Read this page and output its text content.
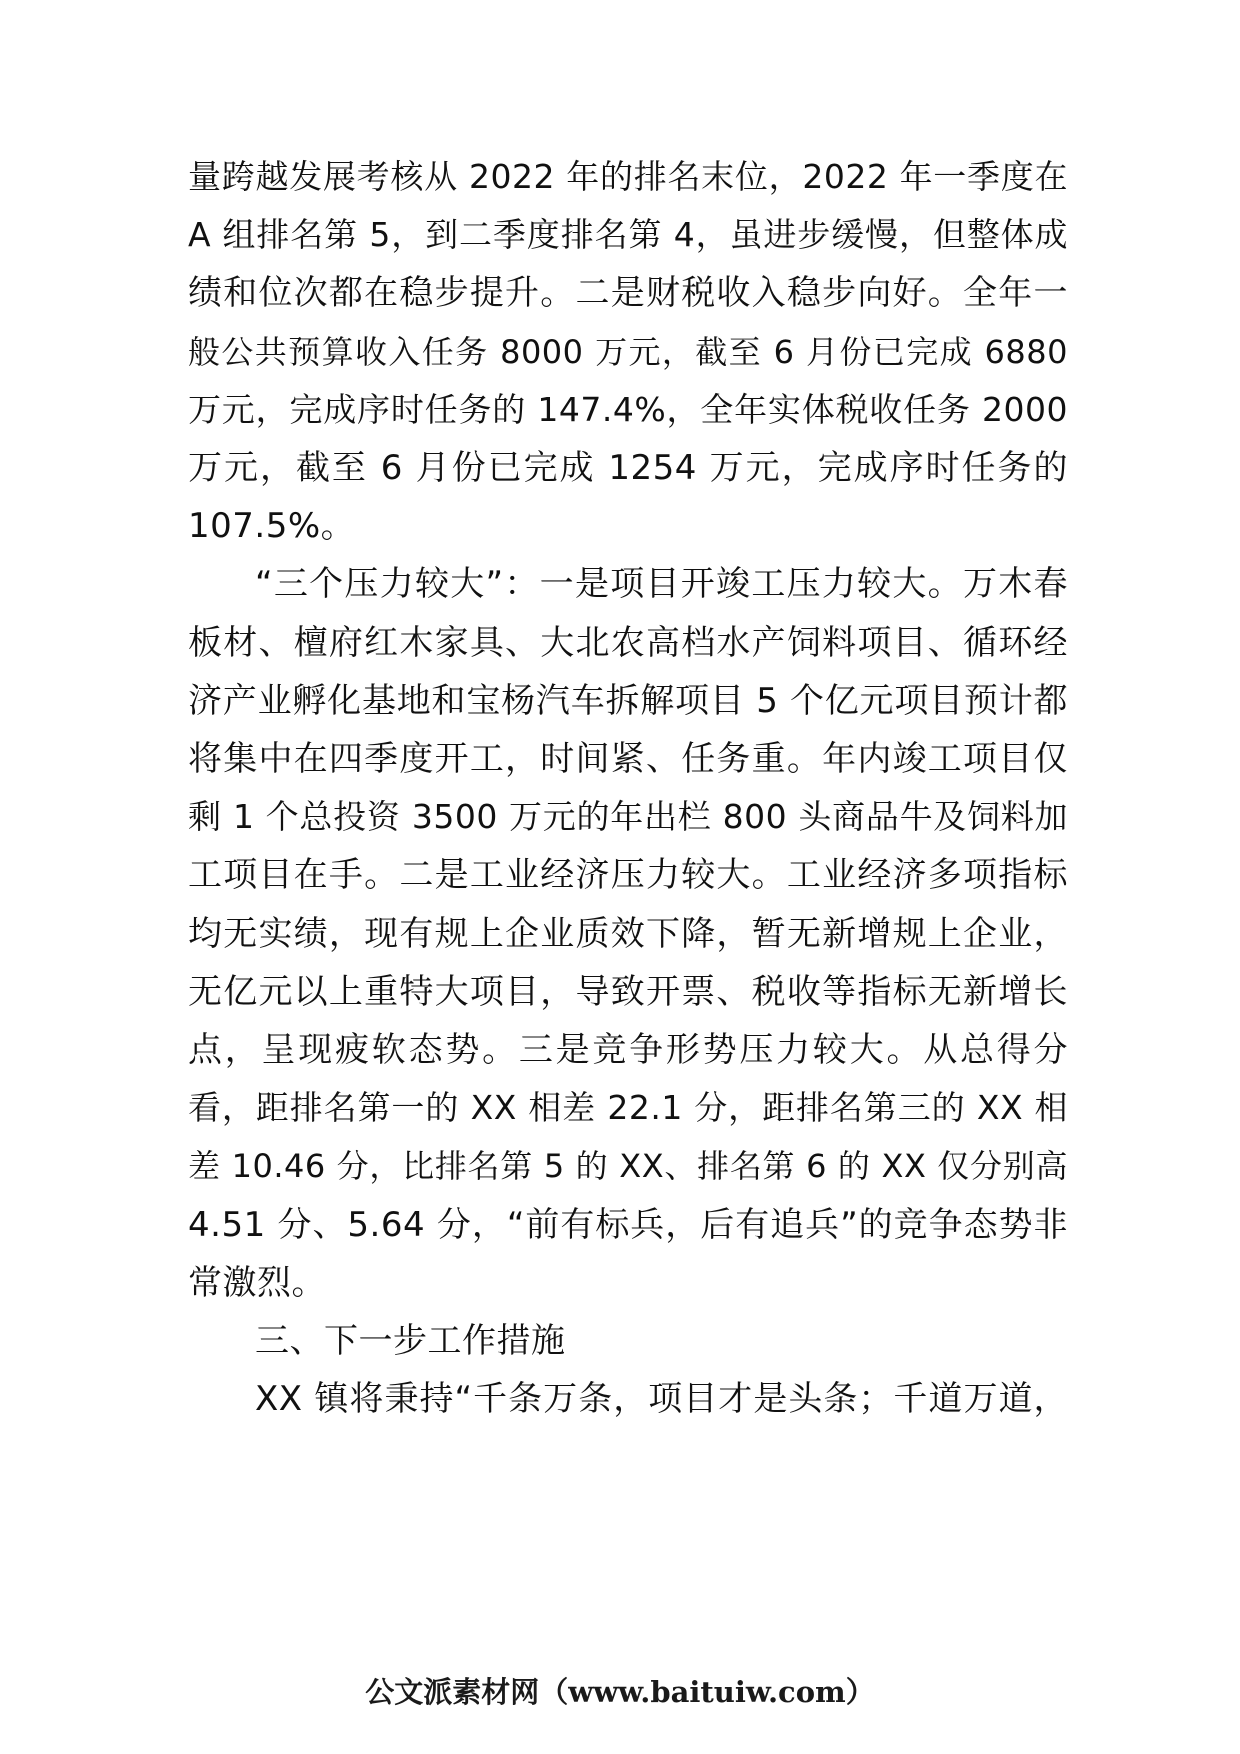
量跨越发展考核从 2022 年的排名末位，2022 年一季度在
A 组排名第 5，到二季度排名第 4，虽进步缓慢，但整体成
绩和位次都在稳步提升。二是财税收入稳步向好。全年一
般公共预算收入任务 8000 万元，截至 6 月份已完成 6880
万元，完成序时任务的 147.4%，全年实体税收任务 2000
万元，截至 6 月份已完成 1254 万元，完成序时任务的
107.5%。
“三个压力较大”：一是项目开竣工压力较大。万木春
板材、檀府红木家具、大北农高档水产饲料项目、循环经
济产业孵化基地和宝杨汽车拆解项目 5 个亿元项目预计都
将集中在四季度开工，时间紧、任务重。年内竣工项目仅
剩 1 个总投资 3500 万元的年出栏 800 头商品牛及饲料加
工项目在手。二是工业经济压力较大。工业经济多项指标
均无实绩，现有规上企业质效下降，暂无新增规上企业，
无亿元以上重特大项目，导致开票、税收等指标无新增长
点，呈现疲软态势。三是竞争形势压力较大。从总得分
看，距排名第一的 XX 相差 22.1 分，距排名第三的 XX 相
差 10.46 分，比排名第 5 的 XX、排名第 6 的 XX 仅分别高
4.51 分、5.64 分，“前有标兵，后有追兵”的竞争态势非
常激烈。
三、下一步工作措施
XX 镇将秉持“千条万条，项目才是头条；千道万道，
公文派素材网（www.baituiw.com）
